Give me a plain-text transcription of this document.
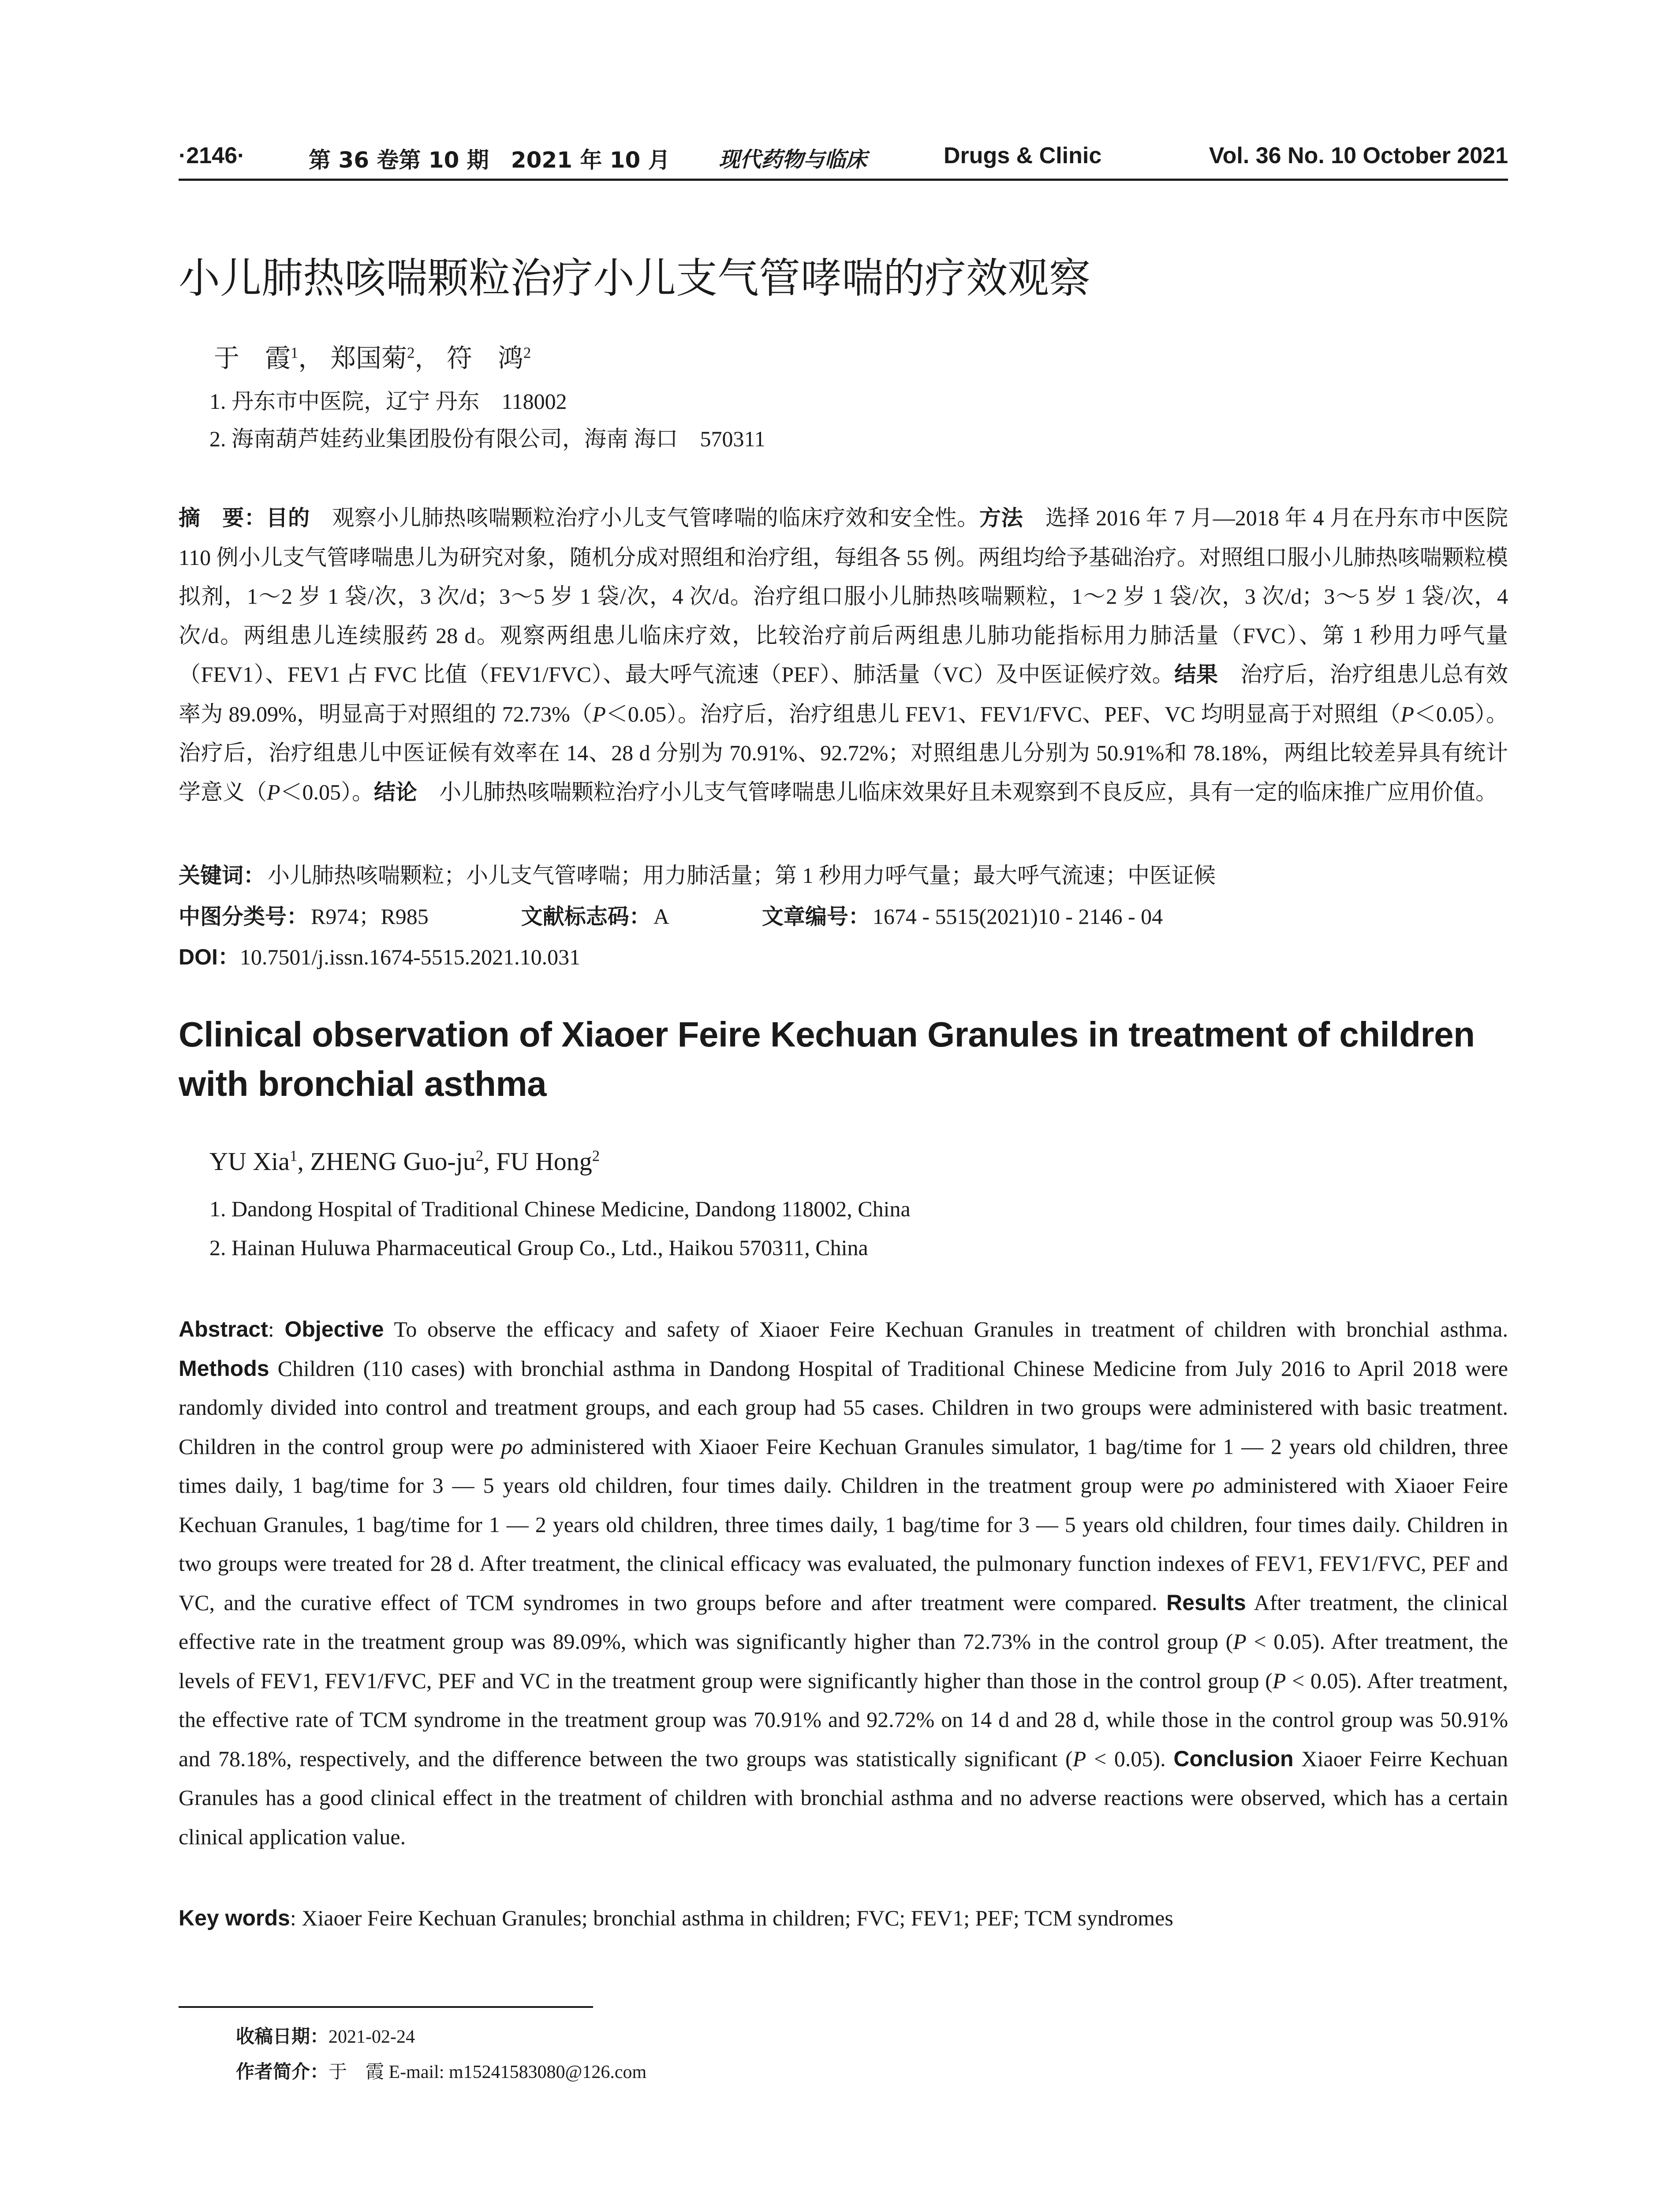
·2146·	第 36 卷第 10 期　2021 年 10 月 现代药物与临床	Drugs & Clinic	Vol. 36 No. 10 October 2021
小儿肺热咳喘颗粒治疗小儿支气管哮喘的疗效观察
于　霞$^1$， 郑国菊$^2$， 符　鸿$^2$
1. 丹东市中医院，辽宁 丹东　118002
2. 海南葫芦娃药业集团股份有限公司，海南 海口　570311
摘　要：目的　 观察小儿肺热咳喘颗粒治疗小儿支气管哮喘的临床疗效和安全性。方法　 选择 2016 年 7 月—2018 年 4 月在丹东市中医院 110 例小儿支气管哮喘患儿为研究对象，随机分成对照组和治疗组，每组各 55 例。两组均给予基础治疗。对照组口服小儿肺热咳喘颗粒模拟剂，1～2 岁 1 袋/次，3 次/d；3～5 岁 1 袋/次，4 次/d。治疗组口服小儿肺热咳喘颗粒，1～2 岁 1 袋/次，3 次/d；3～5 岁 1 袋/次，4 次/d。两组患儿连续服药 28 d。观察两组患儿临床疗效，比较治疗前后两组患儿肺功能指标用力肺活量（FVC）、第 1 秒用力呼气量（FEV1）、FEV1 占 FVC 比值（FEV1/FVC）、最大呼气流速（PEF）、肺活量（VC）及中医证候疗效。结果　 治疗后，治疗组患儿总有效率为 89.09%，明显高于对照组的 72.73%（P＜0.05）。治疗后，治疗组患儿 FEV1、FEV1/FVC、PEF、VC 均明显高于对照组（P＜0.05）。治疗后，治疗组患儿中医证候有效率在 14、28 d 分别为 70.91%、92.72%；对照组患儿分别为 50.91%和 78.18%，两组比较差异具有统计学意义（P＜0.05）。结论　 小儿肺热咳喘颗粒治疗小儿支气管哮喘患儿临床效果好且未观察到不良反应，具有一定的临床推广应用价值。
关键词： 小儿肺热咳喘颗粒；小儿支气管哮喘；用力肺活量；第 1 秒用力呼气量；最大呼气流速；中医证候
中图分类号： R974；R985	文献标志码： A	文章编号： 1674 - 5515(2021)10 - 2146 - 04
DOI：10.7501/j.issn.1674-5515.2021.10.031
Clinical observation of Xiaoer Feire Kechuan Granules in treatment of children with bronchial asthma
YU Xia$^1$, ZHENG Guo-$ju^2$, FU Hong$^2$
1. Dandong Hospital of Traditional Chinese Medicine, Dandong 118002, China
2. Hainan Huluwa Pharmaceutical Group Co., Ltd., Haikou 570311, China
Abstract: Objective To observe the efficacy and safety of Xiaoer Feire Kechuan Granules in treatment of children with bronchial asthma. Methods Children (110 cases) with bronchial asthma in Dandong Hospital of Traditional Chinese Medicine from July 2016 to April 2018 were randomly divided into control and treatment groups, and each group had 55 cases. Children in two groups were administered with basic treatment. Children in the control group were po administered with Xiaoer Feire Kechuan Granules simulator, 1 bag/time for 1 — 2 years old children, three times daily, 1 bag/time for 3 — 5 years old children, four times daily. Children in the treatment group were po administered with Xiaoer Feire Kechuan Granules, 1 bag/time for 1 — 2 years old children, three times daily, 1 bag/time for 3 — 5 years old children, four times daily. Children in two groups were treated for 28 d. After treatment, the clinical efficacy was evaluated, the pulmonary function indexes of FEV1, FEV1/FVC, PEF and VC, and the curative effect of TCM syndromes in two groups before and after treatment were compared. Results After treatment, the clinical effective rate in the treatment group was 89.09%, which was significantly higher than 72.73% in the control group (P < 0.05). After treatment, the levels of FEV1, FEV1/FVC, PEF and VC in the treatment group were significantly higher than those in the control group (P < 0.05). After treatment, the effective rate of TCM syndrome in the treatment group was 70.91% and 92.72% on 14 d and 28 d, while those in the control group was 50.91% and 78.18%, respectively, and the difference between the two groups was statistically significant (P < 0.05). Conclusion Xiaoer Feirre Kechuan Granules has a good clinical effect in the treatment of children with bronchial asthma and no adverse reactions were observed, which has a certain clinical application value.
Key words: Xiaoer Feire Kechuan Granules; bronchial asthma in children; FVC; FEV1; PEF; TCM syndromes
收稿日期：2021-02-24
作者简介：于　霞 E-mail: m15241583080@126.com
